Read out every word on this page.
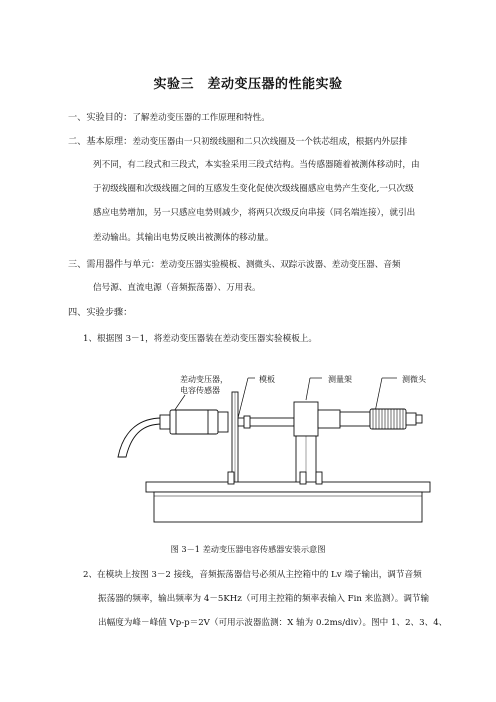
实验三　差动变压器的性能实验
一、实验目的：了解差动变压器的工作原理和特性。
二、基本原理：差动变压器由一只初级线圈和二只次线圈及一个铁芯组成，根据内外层排
列不同，有二段式和三段式，本实验采用三段式结构。当传感器随着被测体移动时，由
于初级线圈和次级线圈之间的互感发生变化促使次级线圈感应电势产生变化,一只次级
感应电势增加，另一只感应电势则减少，将两只次级反向串接（同名端连接），就引出
差动输出。其输出电势反映出被测体的移动量。
三、需用器件与单元：差动变压器实验模板、测微头、双踪示波器、差动变压器、音频
信号源、直流电源（音频振荡器）、万用表。
四、实验步骤：
1、根据图 3－1，将差动变压器装在差动变压器实验模板上。
差动变压器，
电容传感器
模板	测量架	测微头
图 3－1 差动变压器电容传感器安装示意图
2、在模块上按图 3－2 接线，音频振荡器信号必须从主控箱中的 Lv 端子输出，调节音频
振荡器的频率，输出频率为 4－5KHz（可用主控箱的频率表输入 Fin 来监测）。调节输
出幅度为峰－峰值 Vp-p＝2V（可用示波器监测：X 轴为 0.2ms/div）。图中 1、2、3、4、
